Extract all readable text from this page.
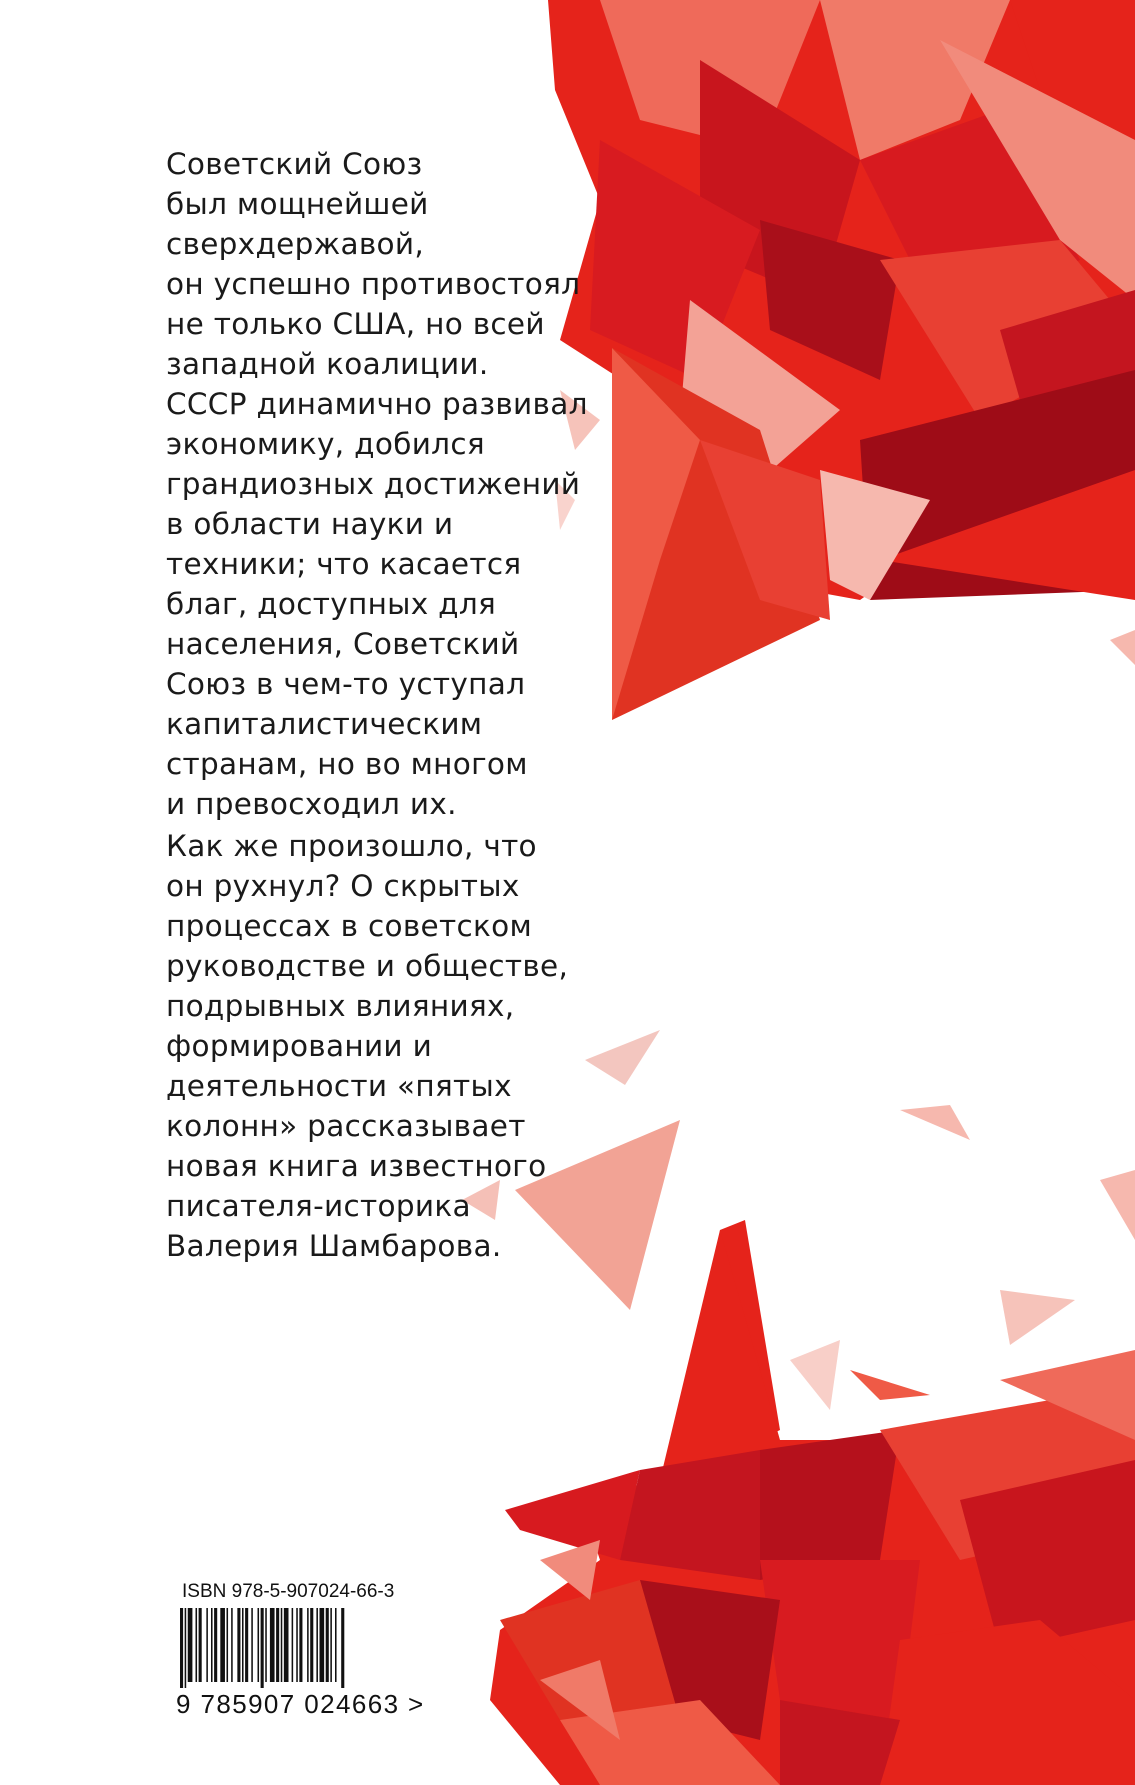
Советский Союз
был мощнейшей
сверхдержавой,
он успешно противостоял
не только США, но всей
западной коалиции.
СССР динамично развивал
экономику, добился
грандиозных достижений
в области науки и
техники; что касается
благ, доступных для
населения, Советский
Союз в чем-то уступал
капиталистическим
странам, но во многом
и превосходил их.

Как же произошло, что
он рухнул? О скрытых
процессах в советском
руководстве и обществе,
подрывных влияниях,
формировании и
деятельности «пятых
колонн» рассказывает
новая книга известного
писателя-историка
Валерия Шамбарова.

ISBN 978-5-907024-66-3
9 785907 024663 >
